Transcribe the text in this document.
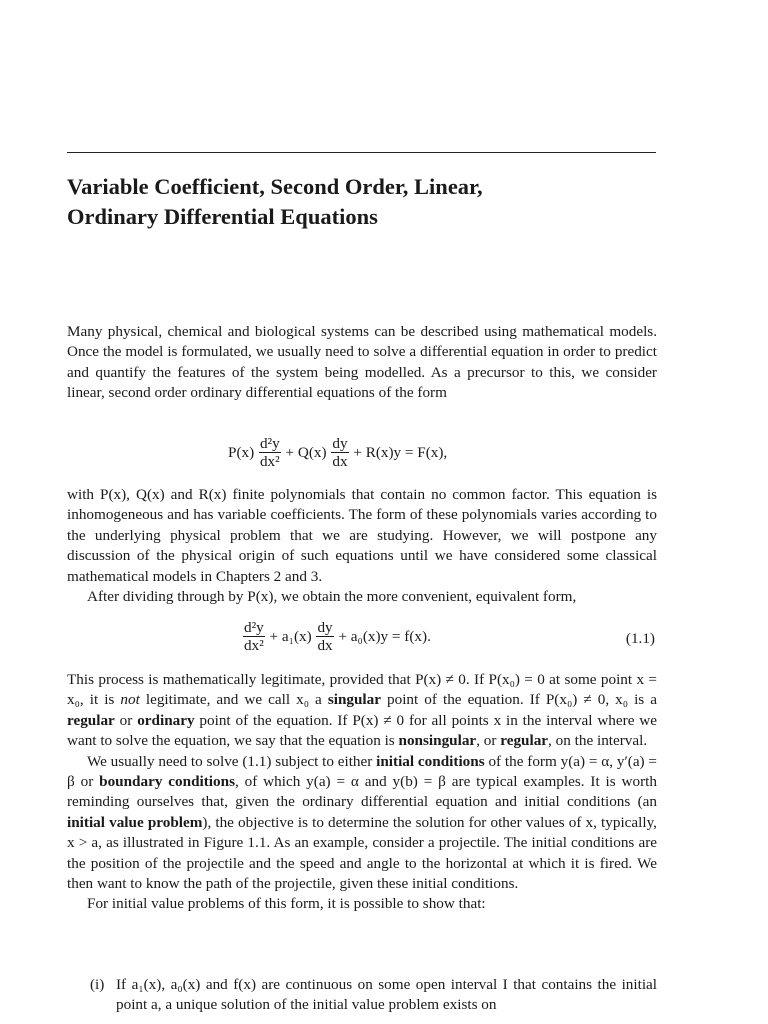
Variable Coefficient, Second Order, Linear,
Ordinary Differential Equations
Many physical, chemical and biological systems can be described using mathematical models. Once the model is formulated, we usually need to solve a differential equation in order to predict and quantify the features of the system being modelled. As a precursor to this, we consider linear, second order ordinary differential equations of the form
$P(x) \frac{\text{d²y}}{\text{dx²}} + Q(x) \frac{dy}{dx} + R(x)y = F(x)$,
with P(x), Q(x) and R(x) finite polynomials that contain no common factor. This equation is inhomogeneous and has variable coefficients. The form of these polynomials varies according to the underlying physical problem that we are studying. However, we will postpone any discussion of the physical origin of such equations until we have considered some classical mathematical models in Chapters 2 and 3.
After dividing through by P(x), we obtain the more convenient, equivalent form,
$\frac{\text{d²y}}{\text{dx²}} + a_1(x) \frac{dy}{dx} + a_0(x)y = f(x)$.	(1.1)
This process is mathematically legitimate, provided that P(x) ≠ 0. If P(x₀) = 0 at some point x = x₀, it is not legitimate, and we call x₀ a singular point of the equation. If P(x₀) ≠ 0, x₀ is a regular or ordinary point of the equation. If P(x) ≠ 0 for all points x in the interval where we want to solve the equation, we say that the equation is nonsingular, or regular, on the interval.
We usually need to solve (1.1) subject to either initial conditions of the form y(a) = α, y′(a) = β or boundary conditions, of which y(a) = α and y(b) = β are typical examples. It is worth reminding ourselves that, given the ordinary differential equation and initial conditions (an initial value problem), the objective is to determine the solution for other values of x, typically, x > a, as illustrated in Figure 1.1. As an example, consider a projectile. The initial conditions are the position of the projectile and the speed and angle to the horizontal at which it is fired. We then want to know the path of the projectile, given these initial conditions.
For initial value problems of this form, it is possible to show that:
(i) If a₁(x), a₀(x) and f(x) are continuous on some open interval I that contains the initial point a, a unique solution of the initial value problem exists on
